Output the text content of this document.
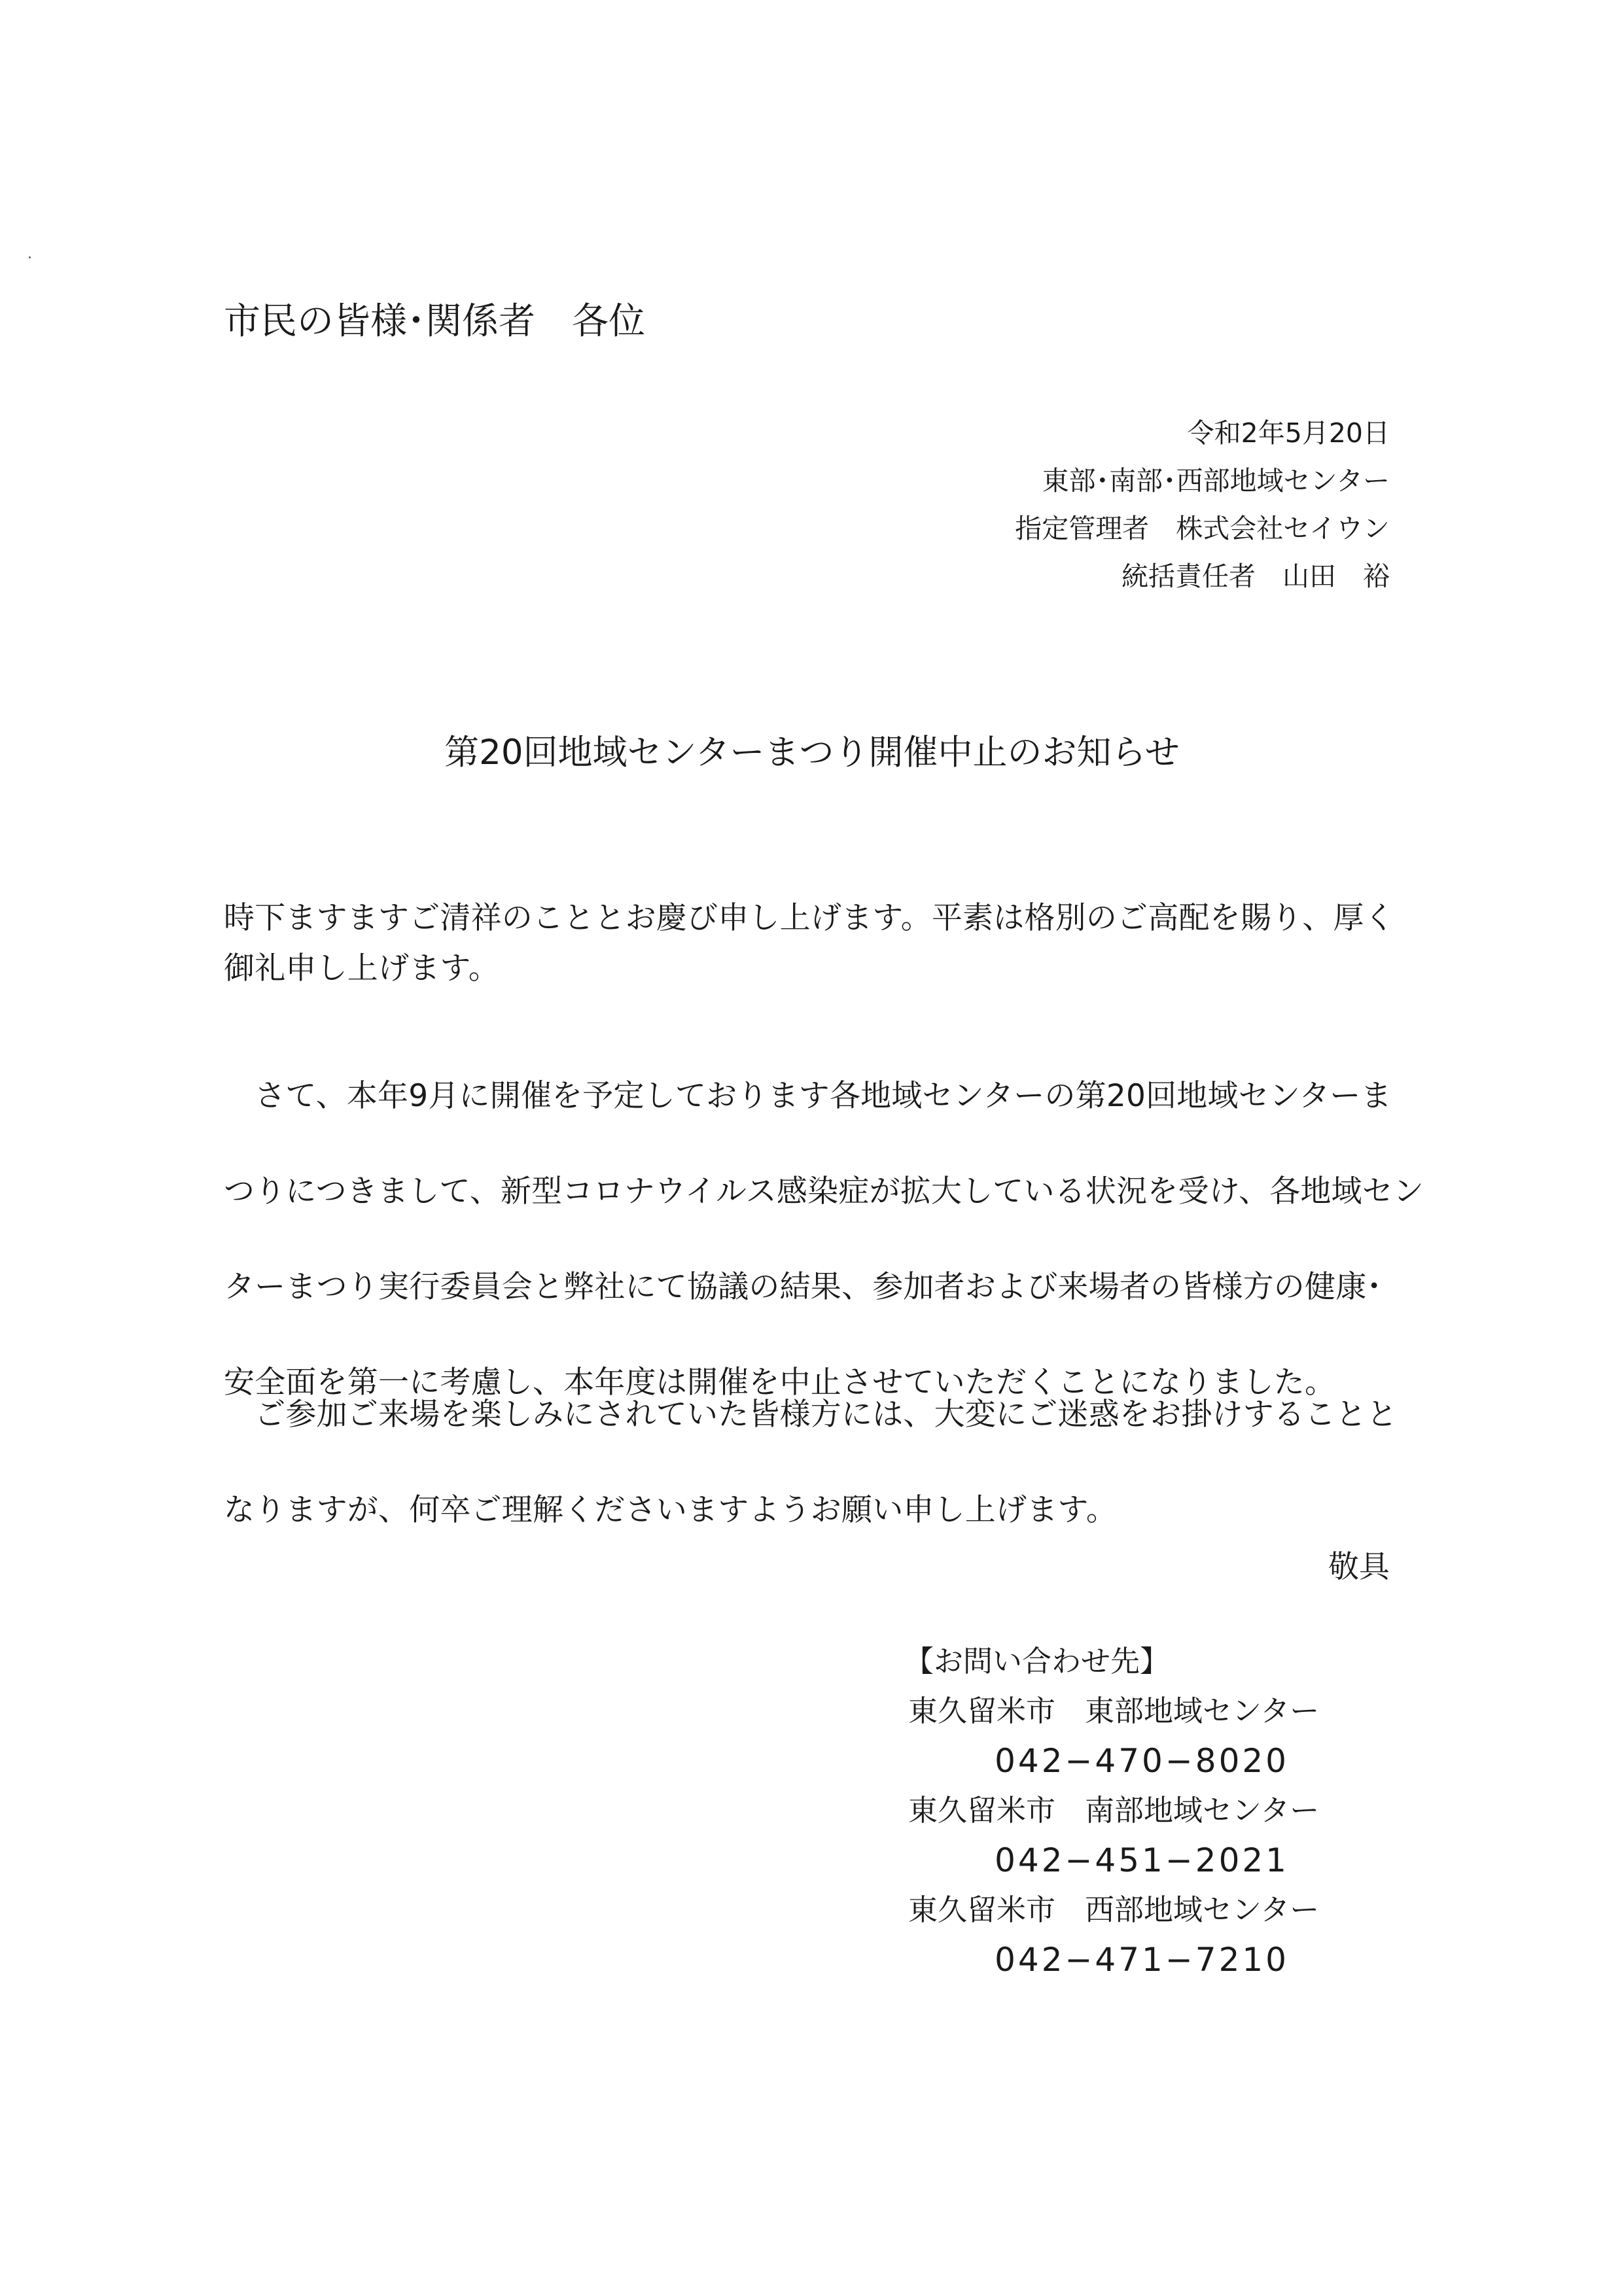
市民の皆様･関係者　各位
令和2年5月20日
東部･南部･西部地域センター
指定管理者　株式会社セイウン
統括責任者　山田　裕
第20回地域センターまつり開催中止のお知らせ
時下ますますご清祥のこととお慶び申し上げます。平素は格別のご高配を賜り、厚く
御礼申し上げます。
　さて、本年9月に開催を予定しております各地域センターの第20回地域センターま
つりにつきまして、新型コロナウイルス感染症が拡大している状況を受け、各地域セン
ターまつり実行委員会と弊社にて協議の結果、参加者および来場者の皆様方の健康･
安全面を第一に考慮し、本年度は開催を中止させていただくことになりました。
　ご参加ご来場を楽しみにされていた皆様方には、大変にご迷惑をお掛けすることと
なりますが、何卒ご理解くださいますようお願い申し上げます。
敬具
【お問い合わせ先】
東久留米市　東部地域センター
042−470−8020
東久留米市　南部地域センター
042−451−2021
東久留米市　西部地域センター
042−471−7210
